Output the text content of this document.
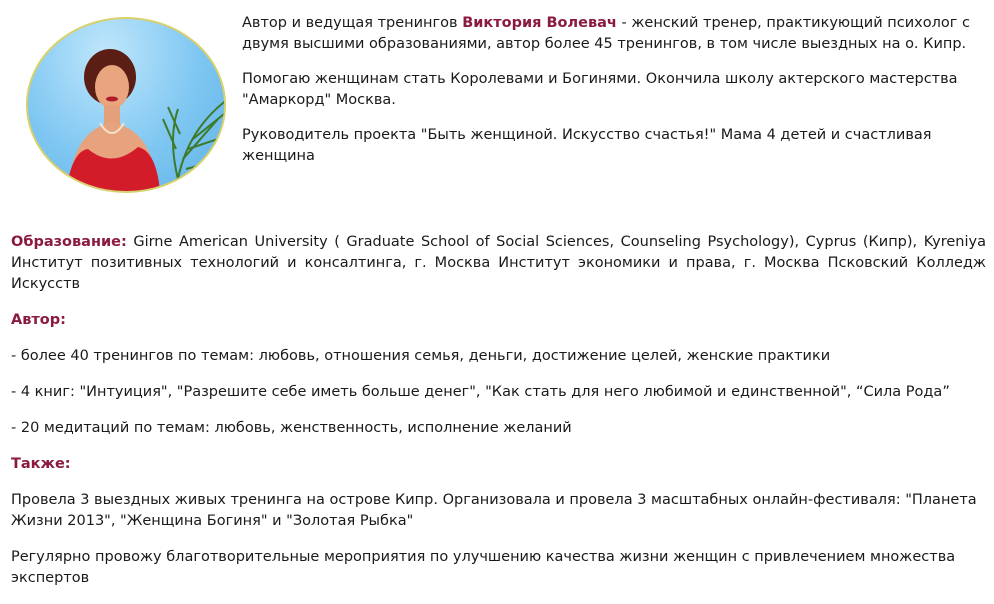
Автор и ведущая тренингов Виктория Волевач - женский тренер, практикующий психолог с двумя высшими образованиями, автор более 45 тренингов, в том числе выездных на о. Кипр.

Помогаю женщинам стать Королевами и Богинями. Окончила школу актерского мастерства "Амаркорд" Москва.

Руководитель проекта "Быть женщиной. Искусство счастья!" Мама 4 детей и счастливая женщина

Образование: Girne American University ( Graduate School of Social Sciences, Counseling Psychology), Cyprus (Кипр), Kyreniya Институт позитивных технологий и консалтинга, г. Москва Институт экономики и права, г. Москва Псковский Колледж Искусств

Автор:

- более 40 тренингов по темам: любовь, отношения семья, деньги, достижение целей, женские практики

- 4 книг: "Интуиция", "Разрешите себе иметь больше денег", "Как стать для него любимой и единственной", “Сила Рода”

- 20 медитаций по темам: любовь, женственность, исполнение желаний

Также:

Провела 3 выездных живых тренинга на острове Кипр. Организовала и провела 3 масштабных онлайн-фестиваля: "Планета Жизни 2013", "Женщина Богиня" и "Золотая Рыбка"

Регулярно провожу благотворительные мероприятия по улучшению качества жизни женщин с привлечением множества экспертов
